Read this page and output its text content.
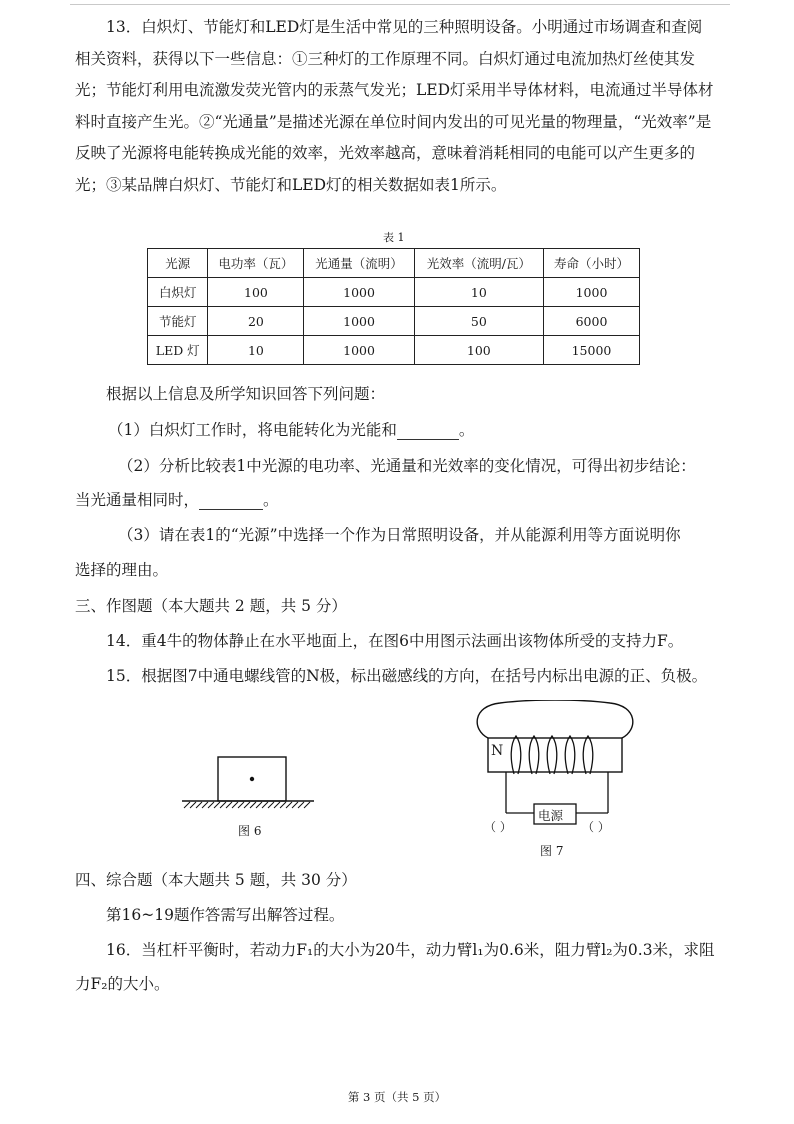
13．白炽灯、节能灯和LED灯是生活中常见的三种照明设备。小明通过市场调查和查阅相关资料，获得以下一些信息：①三种灯的工作原理不同。白炽灯通过电流加热灯丝使其发光；节能灯利用电流激发荧光管内的汞蒸气发光；LED灯采用半导体材料，电流通过半导体材料时直接产生光。②“光通量”是描述光源在单位时间内发出的可见光量的物理量，“光效率”是反映了光源将电能转换成光能的效率，光效率越高，意味着消耗相同的电能可以产生更多的光；③某品牌白炽灯、节能灯和LED灯的相关数据如表1所示。

表 1
光源	电功率（瓦）	光通量（流明）	光效率（流明/瓦）	寿命（小时）
白炽灯	100	1000	10	1000
节能灯	20	1000	50	6000
LED 灯	10	1000	100	15000

根据以上信息及所学知识回答下列问题：

（1）白炽灯工作时，将电能转化为光能和	。

（2）分析比较表1中光源的电功率、光通量和光效率的变化情况，可得出初步结论：

当光通量相同时，	。

（3）请在表1的“光源”中选择一个作为日常照明设备，并从能源利用等方面说明你

选择的理由。

三、作图题（本大题共 2 题，共 5 分）

14．重4牛的物体静止在水平地面上，在图6中用图示法画出该物体所受的支持力F。

15．根据图7中通电螺线管的N极，标出磁感线的方向，在括号内标出电源的正、负极。

图 6
N
电源
（ ）	（ ）
图 7

四、综合题（本大题共 5 题，共 30 分）

第16~19题作答需写出解答过程。

16．当杠杆平衡时，若动力F₁的大小为20牛，动力臂l₁为0.6米，阻力臂l₂为0.3米，求阻

力F₂的大小。

第 3 页（共 5 页）
